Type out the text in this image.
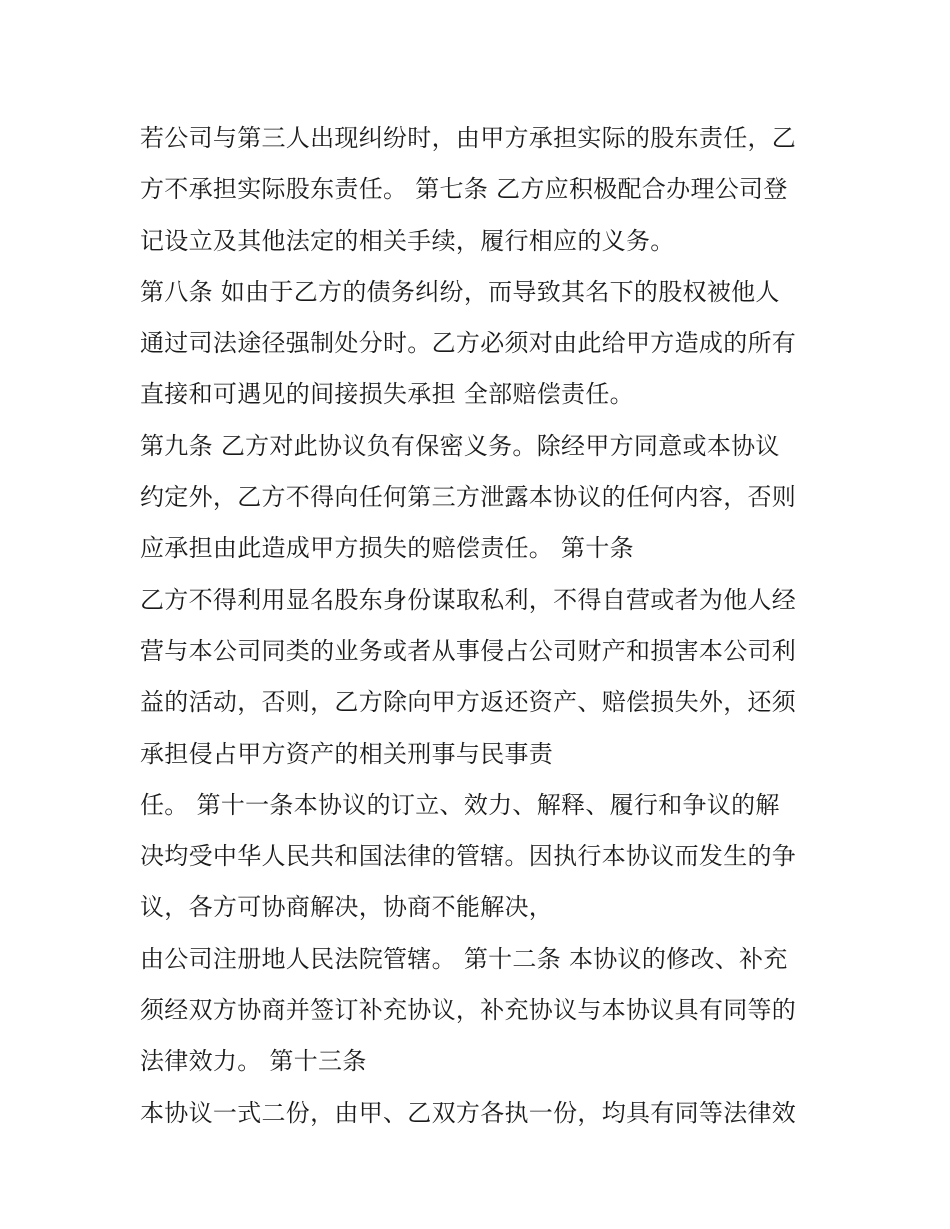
若公司与第三人出现纠纷时，由甲方承担实际的股东责任，乙
方不承担实际股东责任。 第七条 乙方应积极配合办理公司登
记设立及其他法定的相关手续，履行相应的义务。
第八条 如由于乙方的债务纠纷，而导致其名下的股权被他人
通过司法途径强制处分时。乙方必须对由此给甲方造成的所有
直接和可遇见的间接损失承担 全部赔偿责任。
第九条 乙方对此协议负有保密义务。除经甲方同意或本协议
约定外，乙方不得向任何第三方泄露本协议的任何内容，否则
应承担由此造成甲方损失的赔偿责任。 第十条
乙方不得利用显名股东身份谋取私利，不得自营或者为他人经
营与本公司同类的业务或者从事侵占公司财产和损害本公司利
益的活动，否则，乙方除向甲方返还资产、赔偿损失外，还须
承担侵占甲方资产的相关刑事与民事责
任。 第十一条本协议的订立、效力、解释、履行和争议的解
决均受中华人民共和国法律的管辖。因执行本协议而发生的争
议，各方可协商解决，协商不能解决，
由公司注册地人民法院管辖。 第十二条 本协议的修改、补充
须经双方协商并签订补充协议，补充协议与本协议具有同等的
法律效力。 第十三条
本协议一式二份，由甲、乙双方各执一份，均具有同等法律效
